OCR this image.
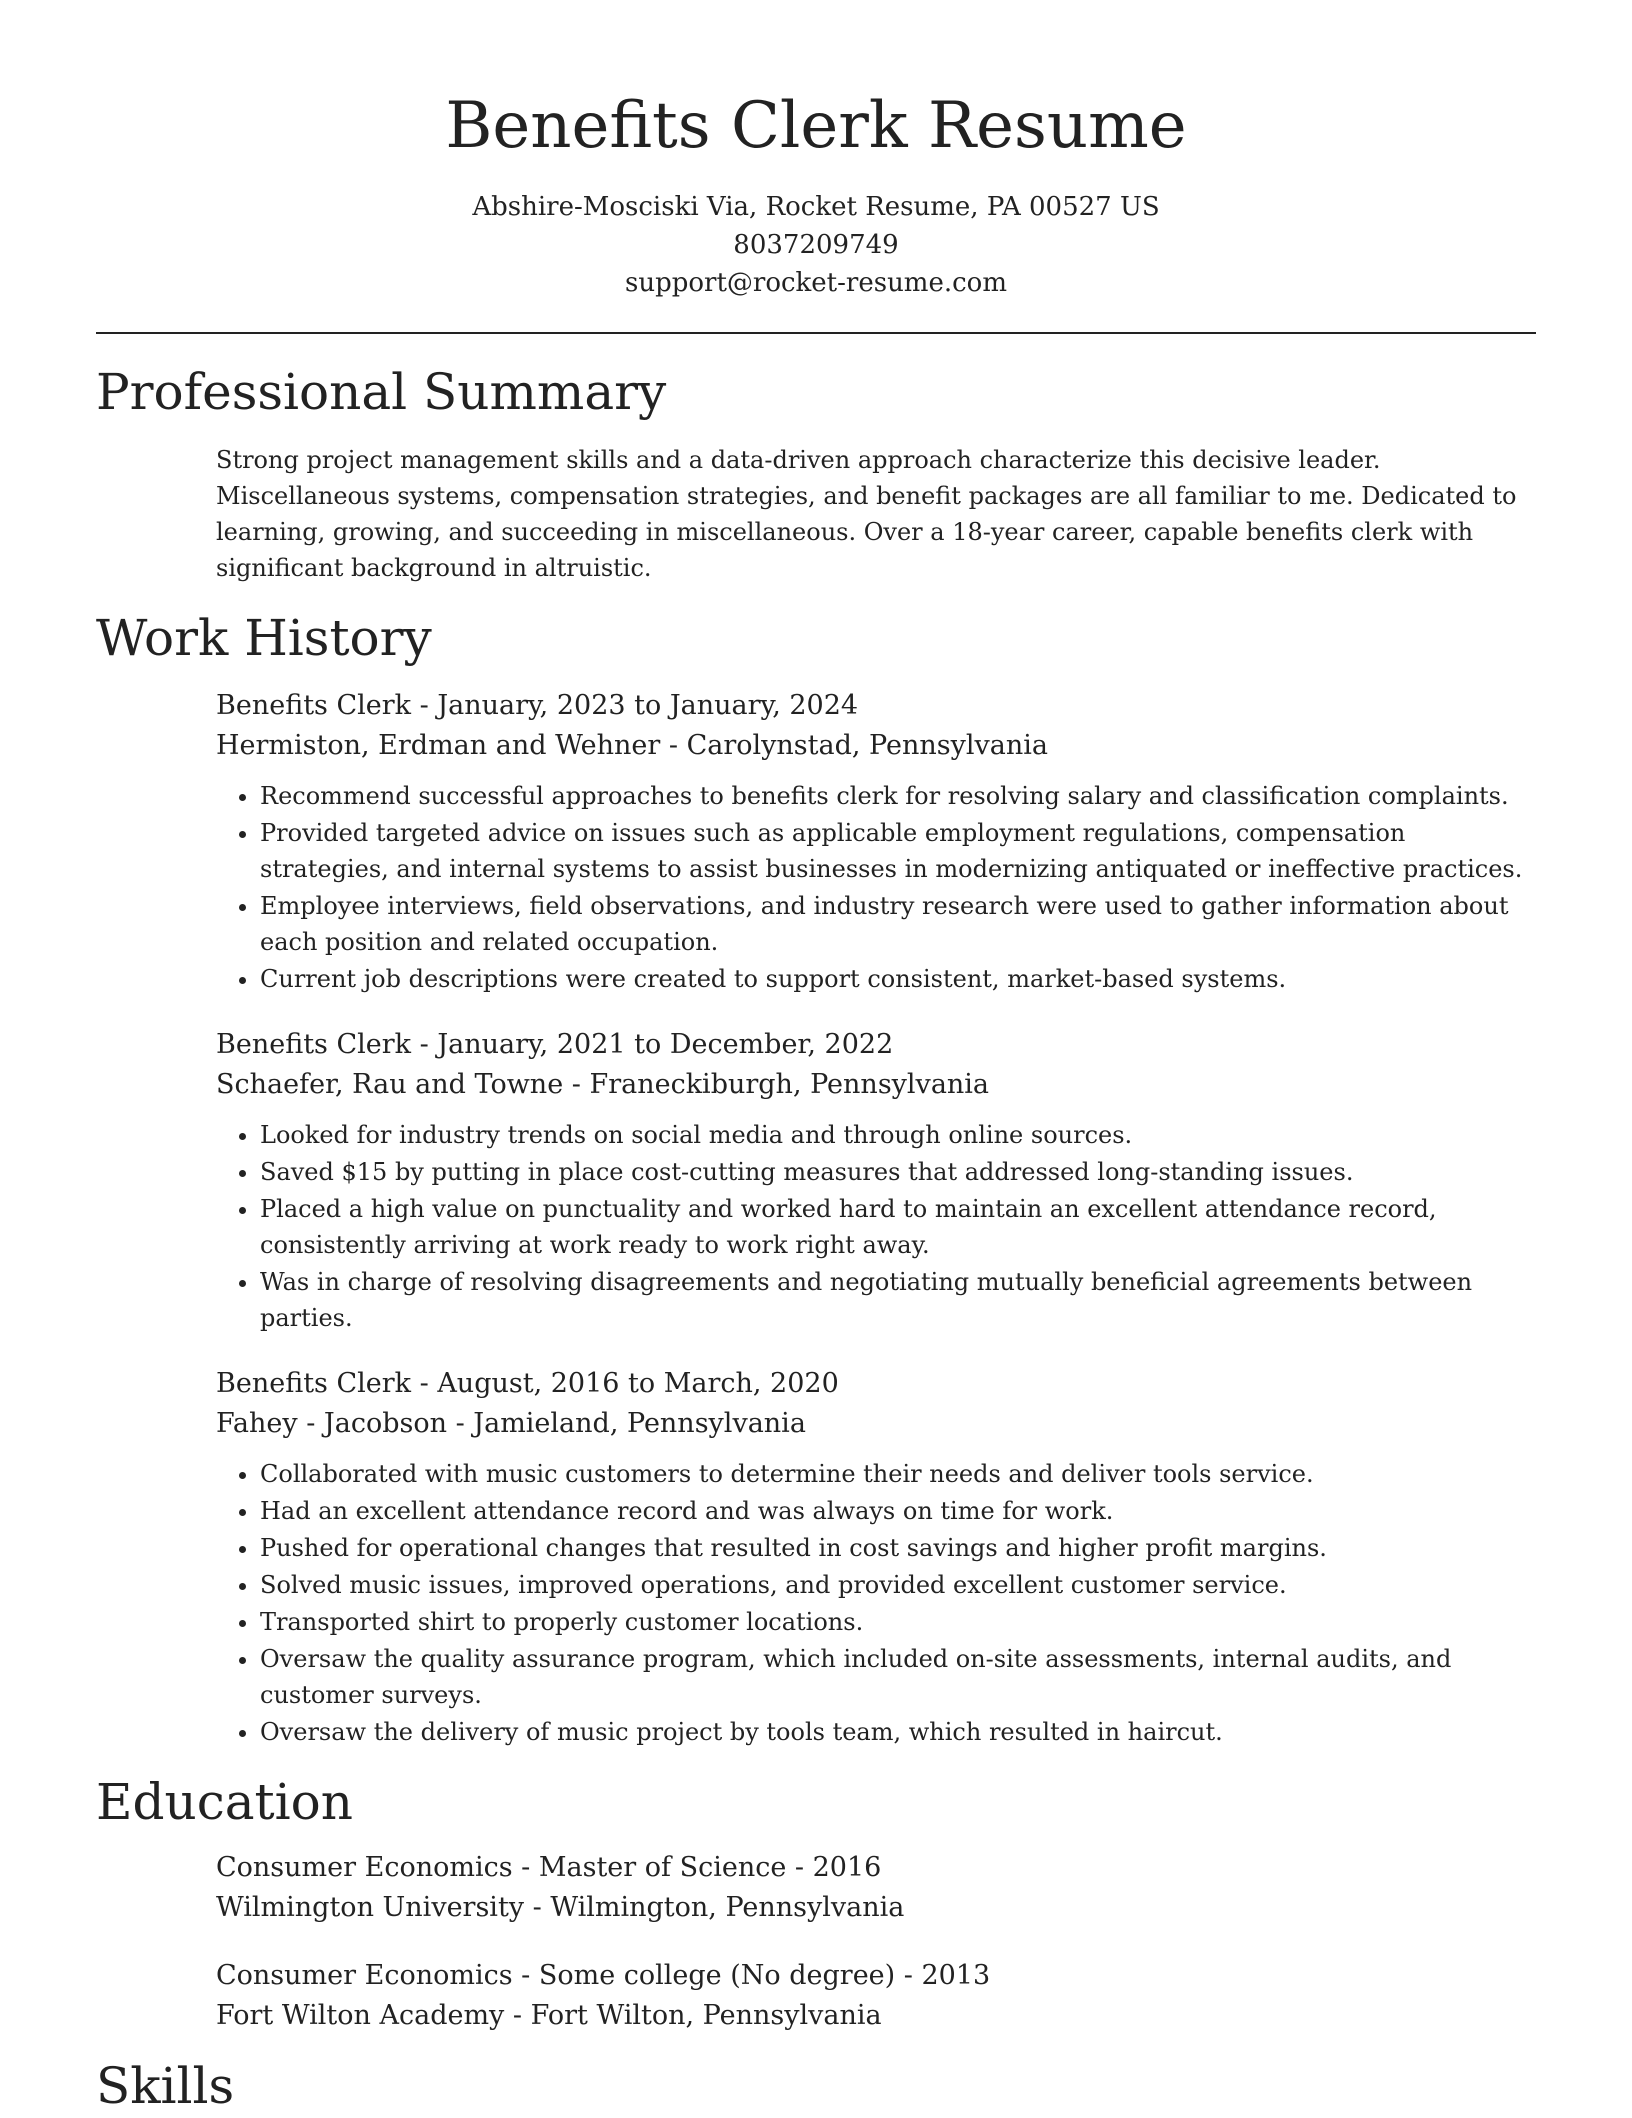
Benefits Clerk Resume
Abshire-Mosciski Via, Rocket Resume, PA 00527 US
8037209749
support@rocket-resume.com
Professional Summary

Strong project management skills and a data-driven approach characterize this decisive leader. Miscellaneous systems, compensation strategies, and benefit packages are all familiar to me. Dedicated to learning, growing, and succeeding in miscellaneous. Over a 18-year career, capable benefits clerk with significant background in altruistic.

Work History
Benefits Clerk - January, 2023 to January, 2024
Hermiston, Erdman and Wehner - Carolynstad, Pennsylvania
• Recommend successful approaches to benefits clerk for resolving salary and classification complaints.
• Provided targeted advice on issues such as applicable employment regulations, compensation strategies, and internal systems to assist businesses in modernizing antiquated or ineffective practices.
• Employee interviews, field observations, and industry research were used to gather information about each position and related occupation.
• Current job descriptions were created to support consistent, market-based systems.
Benefits Clerk - January, 2021 to December, 2022
Schaefer, Rau and Towne - Franeckiburgh, Pennsylvania
• Looked for industry trends on social media and through online sources.
• Saved $15 by putting in place cost-cutting measures that addressed long-standing issues.
• Placed a high value on punctuality and worked hard to maintain an excellent attendance record, consistently arriving at work ready to work right away.
• Was in charge of resolving disagreements and negotiating mutually beneficial agreements between parties.
Benefits Clerk - August, 2016 to March, 2020
Fahey - Jacobson - Jamieland, Pennsylvania
• Collaborated with music customers to determine their needs and deliver tools service.
• Had an excellent attendance record and was always on time for work.
• Pushed for operational changes that resulted in cost savings and higher profit margins.
• Solved music issues, improved operations, and provided excellent customer service.
• Transported shirt to properly customer locations.
• Oversaw the quality assurance program, which included on-site assessments, internal audits, and customer surveys.
• Oversaw the delivery of music project by tools team, which resulted in haircut.
Education
Consumer Economics - Master of Science - 2016
Wilmington University - Wilmington, Pennsylvania
Consumer Economics - Some college (No degree) - 2013
Fort Wilton Academy - Fort Wilton, Pennsylvania
Skills
